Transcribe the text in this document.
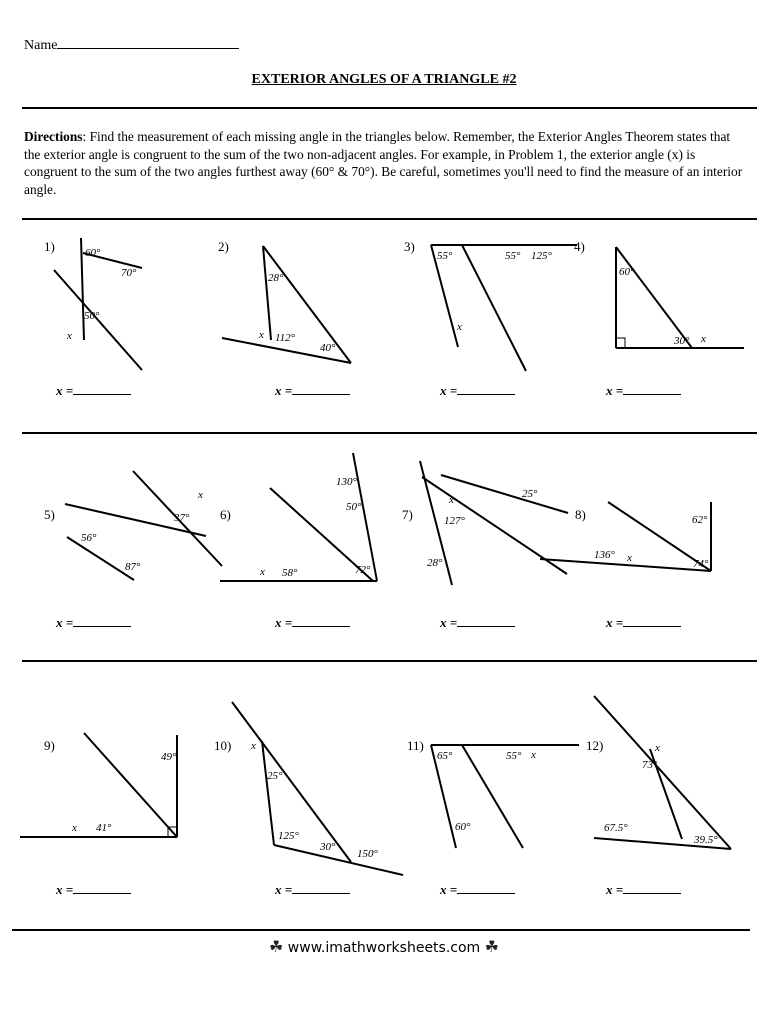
Name
EXTERIOR ANGLES OF A TRIANGLE #2
Directions: Find the measurement of each missing angle in the triangles below. Remember, the Exterior Angles Theorem states that the exterior angle is congruent to the sum of the two non-adjacent angles. For example, in Problem 1, the exterior angle (x) is congruent to the sum of the two angles furthest away (60° & 70°). Be careful, sometimes you'll need to find the measure of an interior angle.
1)	2)	3)	4)
5)	6)	7)	8)
9)	10)	11)	12)
60°
70°
50°
x
28°
x 112°
40°
55°	55° 125°
x
60°
30° x
56°
87°
37°
x
130°
50°
72°
x 58°
x	25°
127°
28°
62°
136° x	74°
49°
x 41°
x
25°
125°
30°
150°
65°	55° x
60°
x
73°
67.5°
39.5°
x =	x =	x =	x =
x =	x =	x =	x =
x =	x =	x =	x =
☘ www.imathworksheets.com ☘
